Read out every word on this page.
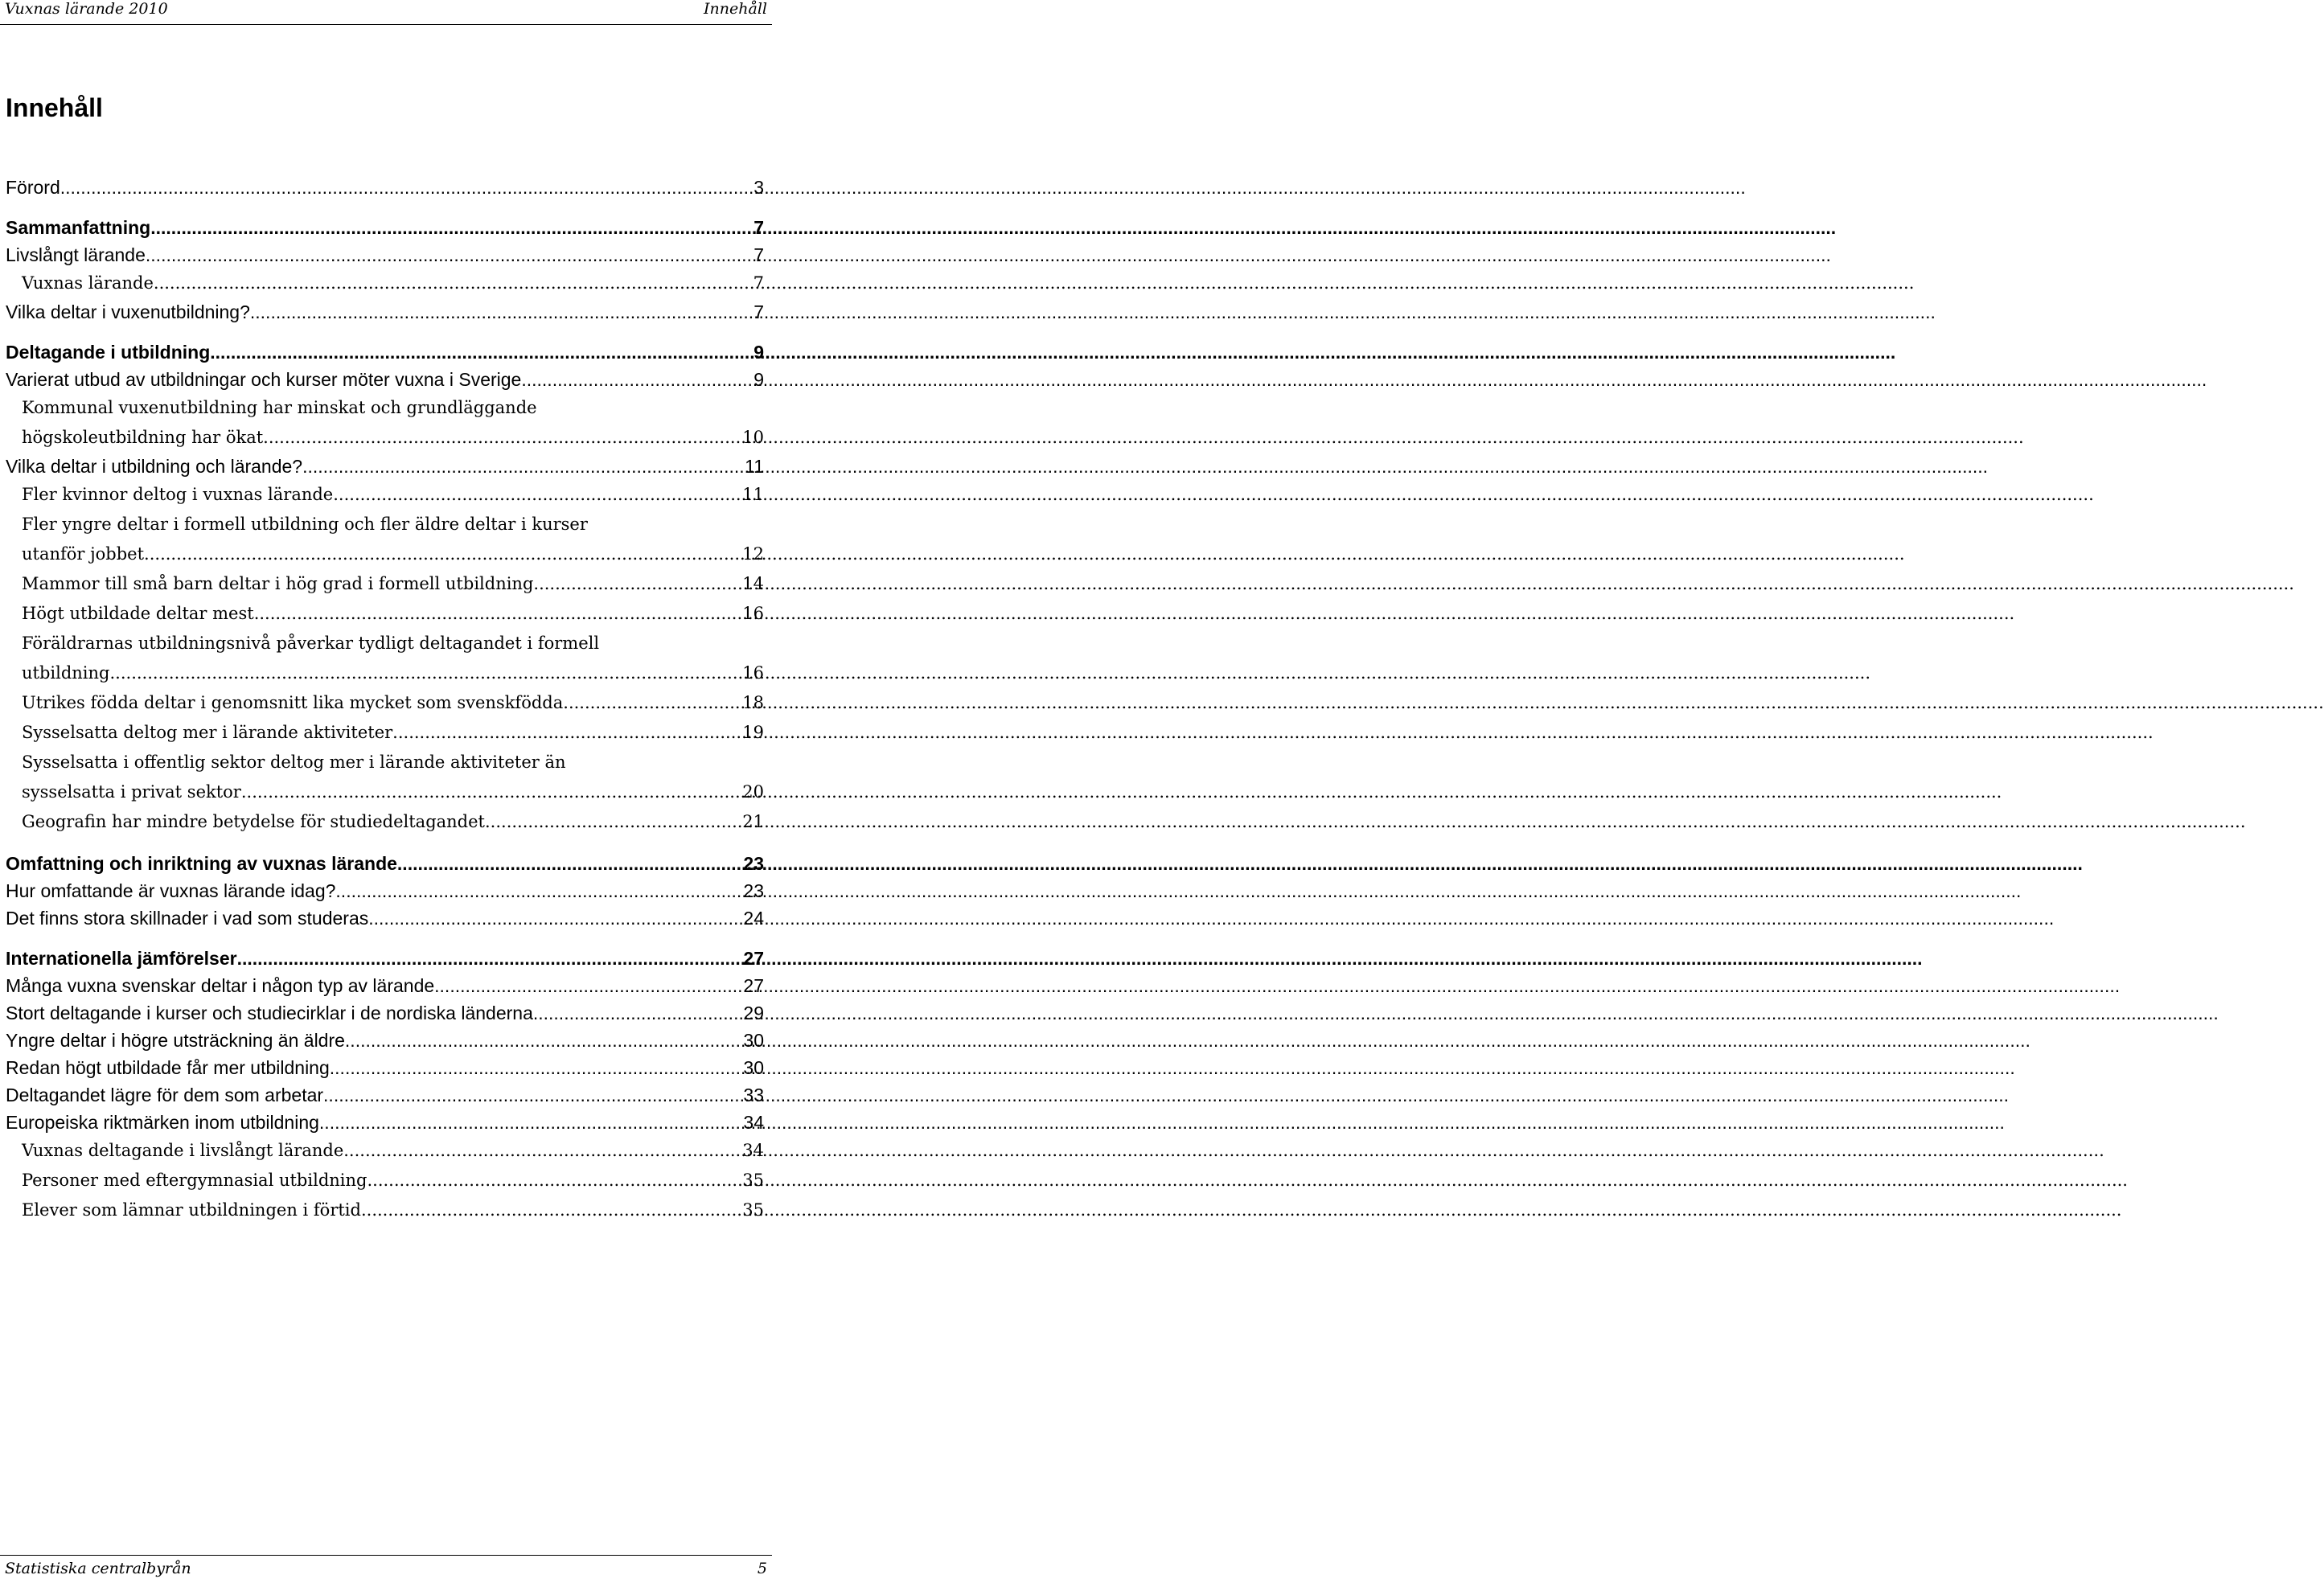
Vuxnas lärande 2010	Innehåll
Innehåll
Förord .....	3
Sammanfattning .....	7
Livslångt lärande .....	7
Vuxnas lärande .....	7
Vilka deltar i vuxenutbildning? .....	7
Deltagande i utbildning .....	9
Varierat utbud av utbildningar och kurser möter vuxna i Sverige .....	9
Kommunal vuxenutbildning har minskat och grundläggande
högskoleutbildning har ökat .....	10
Vilka deltar i utbildning och lärande? .....	11
Fler kvinnor deltog i vuxnas lärande .....	11
Fler yngre deltar i formell utbildning och fler äldre deltar i kurser
utanför jobbet .....	12
Mammor till små barn deltar i hög grad i formell utbildning .....	14
Högt utbildade deltar mest .....	16
Föräldrarnas utbildningsnivå påverkar tydligt deltagandet i formell
utbildning .....	16
Utrikes födda deltar i genomsnitt lika mycket som svenskfödda .....	18
Sysselsatta deltog mer i lärande aktiviteter .....	19
Sysselsatta i offentlig sektor deltog mer i lärande aktiviteter än
sysselsatta i privat sektor .....	20
Geografin har mindre betydelse för studiedeltagandet .....	21
Omfattning och inriktning av vuxnas lärande .....	23
Hur omfattande är vuxnas lärande idag? .....	23
Det finns stora skillnader i vad som studeras .....	24
Internationella jämförelser .....	27
Många vuxna svenskar deltar i någon typ av lärande .....	27
Stort deltagande i kurser och studiecirklar i de nordiska länderna .....	29
Yngre deltar i högre utsträckning än äldre .....	30
Redan högt utbildade får mer utbildning .....	30
Deltagandet lägre för dem som arbetar .....	33
Europeiska riktmärken inom utbildning .....	34
Vuxnas deltagande i livslångt lärande .....	34
Personer med eftergymnasial utbildning .....	35
Elever som lämnar utbildningen i förtid .....	35
Statistiska centralbyrån	5
